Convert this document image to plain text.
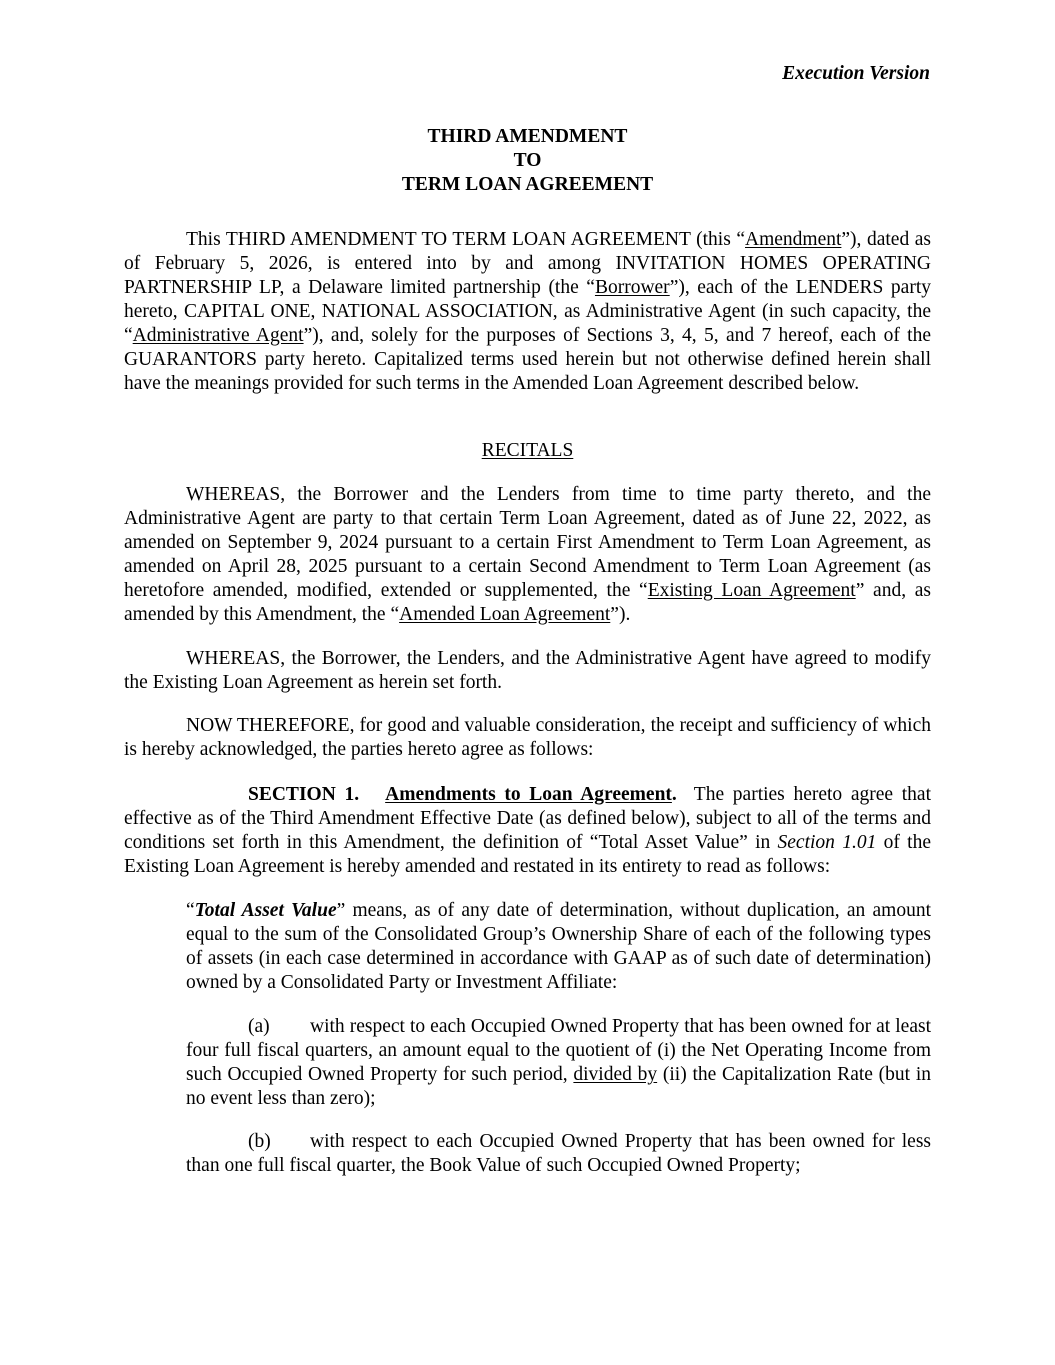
Execution Version
THIRD AMENDMENT
TO
TERM LOAN AGREEMENT
This THIRD AMENDMENT TO TERM LOAN AGREEMENT (this “Amendment”), dated as of February 5, 2026, is entered into by and among INVITATION HOMES OPERATING PARTNERSHIP LP, a Delaware limited partnership (the “Borrower”), each of the LENDERS party hereto, CAPITAL ONE, NATIONAL ASSOCIATION, as Administrative Agent (in such capacity, the “Administrative Agent”), and, solely for the purposes of Sections 3, 4, 5, and 7 hereof, each of the GUARANTORS party hereto. Capitalized terms used herein but not otherwise defined herein shall have the meanings provided for such terms in the Amended Loan Agreement described below.
RECITALS
WHEREAS, the Borrower and the Lenders from time to time party thereto, and the Administrative Agent are party to that certain Term Loan Agreement, dated as of June 22, 2022, as amended on September 9, 2024 pursuant to a certain First Amendment to Term Loan Agreement, as amended on April 28, 2025 pursuant to a certain Second Amendment to Term Loan Agreement (as heretofore amended, modified, extended or supplemented, the “Existing Loan Agreement” and, as amended by this Amendment, the “Amended Loan Agreement”).
WHEREAS, the Borrower, the Lenders, and the Administrative Agent have agreed to modify the Existing Loan Agreement as herein set forth.
NOW THEREFORE, for good and valuable consideration, the receipt and sufficiency of which is hereby acknowledged, the parties hereto agree as follows:
SECTION 1. Amendments to Loan Agreement. The parties hereto agree that effective as of the Third Amendment Effective Date (as defined below), subject to all of the terms and conditions set forth in this Amendment, the definition of “Total Asset Value” in Section 1.01 of the Existing Loan Agreement is hereby amended and restated in its entirety to read as follows:
“Total Asset Value” means, as of any date of determination, without duplication, an amount equal to the sum of the Consolidated Group’s Ownership Share of each of the following types of assets (in each case determined in accordance with GAAP as of such date of determination) owned by a Consolidated Party or Investment Affiliate:
(a) with respect to each Occupied Owned Property that has been owned for at least four full fiscal quarters, an amount equal to the quotient of (i) the Net Operating Income from such Occupied Owned Property for such period, divided by (ii) the Capitalization Rate (but in no event less than zero);
(b) with respect to each Occupied Owned Property that has been owned for less than one full fiscal quarter, the Book Value of such Occupied Owned Property;
